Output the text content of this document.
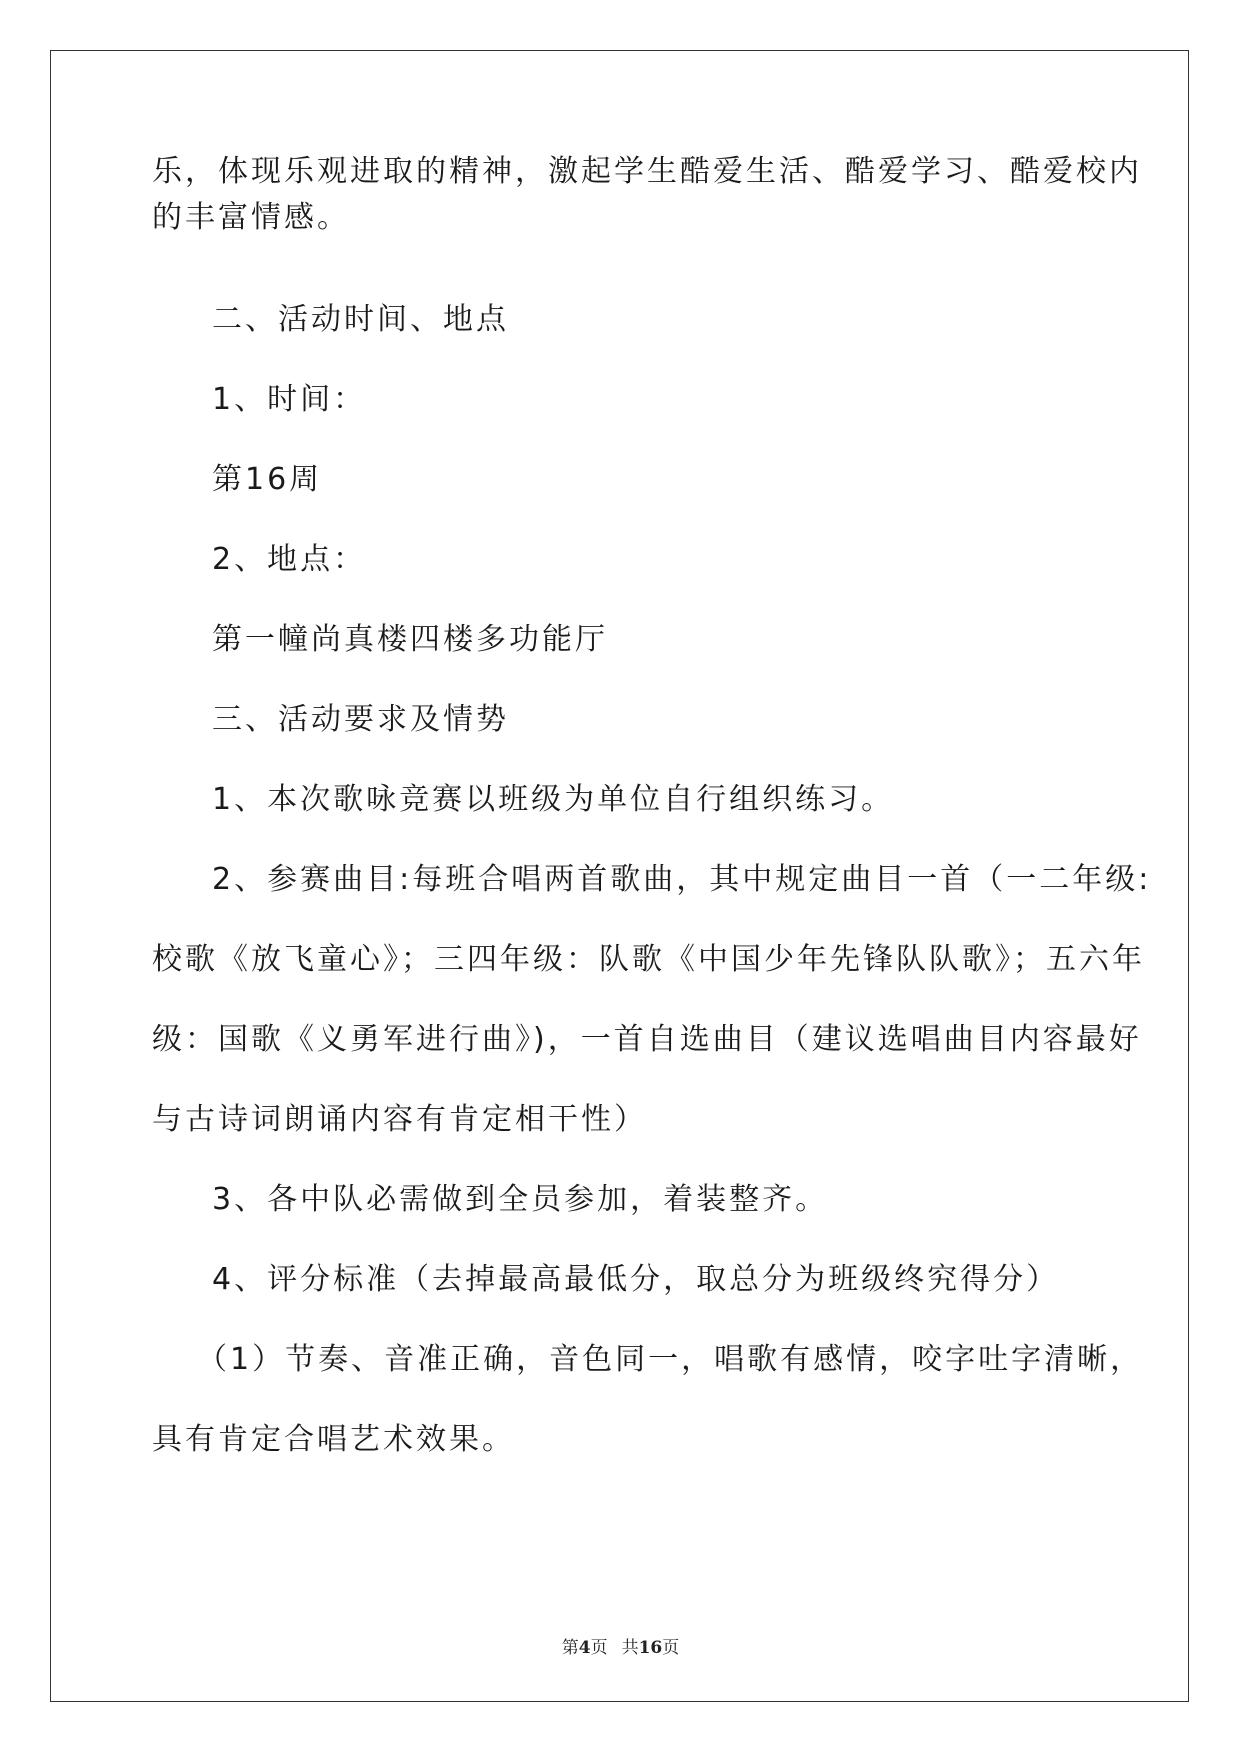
乐，体现乐观进取的精神，激起学生酷爱生活、酷爱学习、酷爱校内
的丰富情感。
二、活动时间、地点
1、时间：
第16周
2、地点：
第一幢尚真楼四楼多功能厅
三、活动要求及情势
1、本次歌咏竞赛以班级为单位自行组织练习。
2、参赛曲目:每班合唱两首歌曲，其中规定曲目一首（一二年级:
校歌《放飞童心》；三四年级：队歌《中国少年先锋队队歌》；五六年
级：国歌《义勇军进行曲》)，一首自选曲目（建议选唱曲目内容最好
与古诗词朗诵内容有肯定相干性）
3、各中队必需做到全员参加，着装整齐。
4、评分标准（去掉最高最低分，取总分为班级终究得分）
（1）节奏、音准正确，音色同一，唱歌有感情，咬字吐字清晰，
具有肯定合唱艺术效果。
第4页 共16页
